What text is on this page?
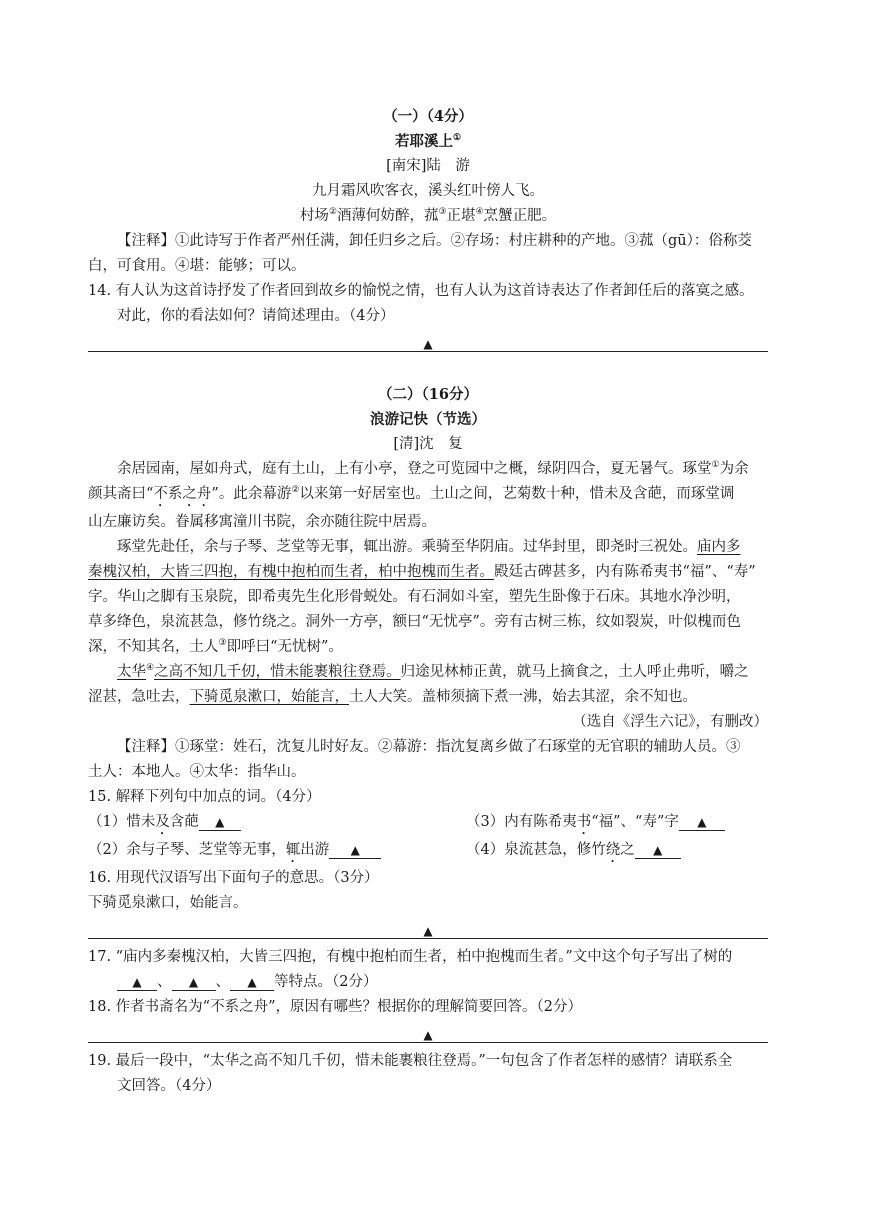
（一）（4分）

若耶溪上①

[南宋]陆　游

九月霜风吹客衣，溪头红叶傍人飞。

村场②酒薄何妨醉，菰③正堪④烹蟹正肥。

【注释】①此诗写于作者严州任满，卸任归乡之后。②存场：村庄耕种的产地。③菰（gū）：俗称茭

白，可食用。④堪：能够；可以。

14. 有人认为这首诗抒发了作者回到故乡的愉悦之情，也有人认为这首诗表达了作者卸任后的落寞之感。

对此，你的看法如何？请简述理由。（4分）

▲

（二）（16分）

浪游记快（节选）

[清]沈　复

余居园南，屋如舟式，庭有土山，上有小亭，登之可览园中之概，绿阴四合，夏无暑气。琢堂①为余

颜其斋曰“不系之舟”。此余幕游②以来第一好居室也。土山之间，艺菊数十种，惜未及含葩，而琢堂调

山左廉访矣。眷属移寓潼川书院，余亦随往院中居焉。

琢堂先赴任，余与子琴、芝堂等无事，辄出游。乘骑至华阴庙。过华封里，即尧时三祝处。庙内多

秦槐汉柏，大皆三四抱，有槐中抱柏而生者，柏中抱槐而生者。殿廷古碑甚多，内有陈希夷书“福”、“寿”

字。华山之脚有玉泉院，即希夷先生化形骨蜕处。有石洞如斗室，塑先生卧像于石床。其地水净沙明，

草多绛色，泉流甚急，修竹绕之。洞外一方亭，额曰“无忧亭”。旁有古树三栋，纹如裂炭，叶似槐而色

深，不知其名，土人③即呼曰“无忧树”。

太华④之高不知几千仞，惜未能裹粮往登焉。归途见林柿正黄，就马上摘食之，土人呼止弗听，嚼之

涩甚，急吐去，下骑觅泉漱口，始能言，土人大笑。盖柿须摘下煮一沸，始去其涩，余不知也。

（选自《浮生六记》，有删改）

【注释】①琢堂：姓石，沈复儿时好友。②幕游：指沈复离乡做了石琢堂的无官职的辅助人员。③

土人：本地人。④太华：指华山。

15. 解释下列句中加点的词。（4分）

（1）惜未及含葩 ▲	（3）内有陈希夷书“福”、“寿”字 ▲
（2）余与子琴、芝堂等无事，辄出游 ▲	（4）泉流甚急，修竹绕之 ▲

16. 用现代汉语写出下面句子的意思。（3分）

下骑觅泉漱口，始能言。

▲

17. “庙内多秦槐汉柏，大皆三四抱，有槐中抱柏而生者，柏中抱槐而生者。”文中这个句子写出了树的

▲ 、 ▲ 、 ▲ 等特点。（2分）

18. 作者书斋名为“不系之舟”，原因有哪些？根据你的理解简要回答。（2分）

▲

19. 最后一段中，“太华之高不知几千仞，惜未能裹粮往登焉。”一句包含了作者怎样的感情？请联系全

文回答。（4分）
